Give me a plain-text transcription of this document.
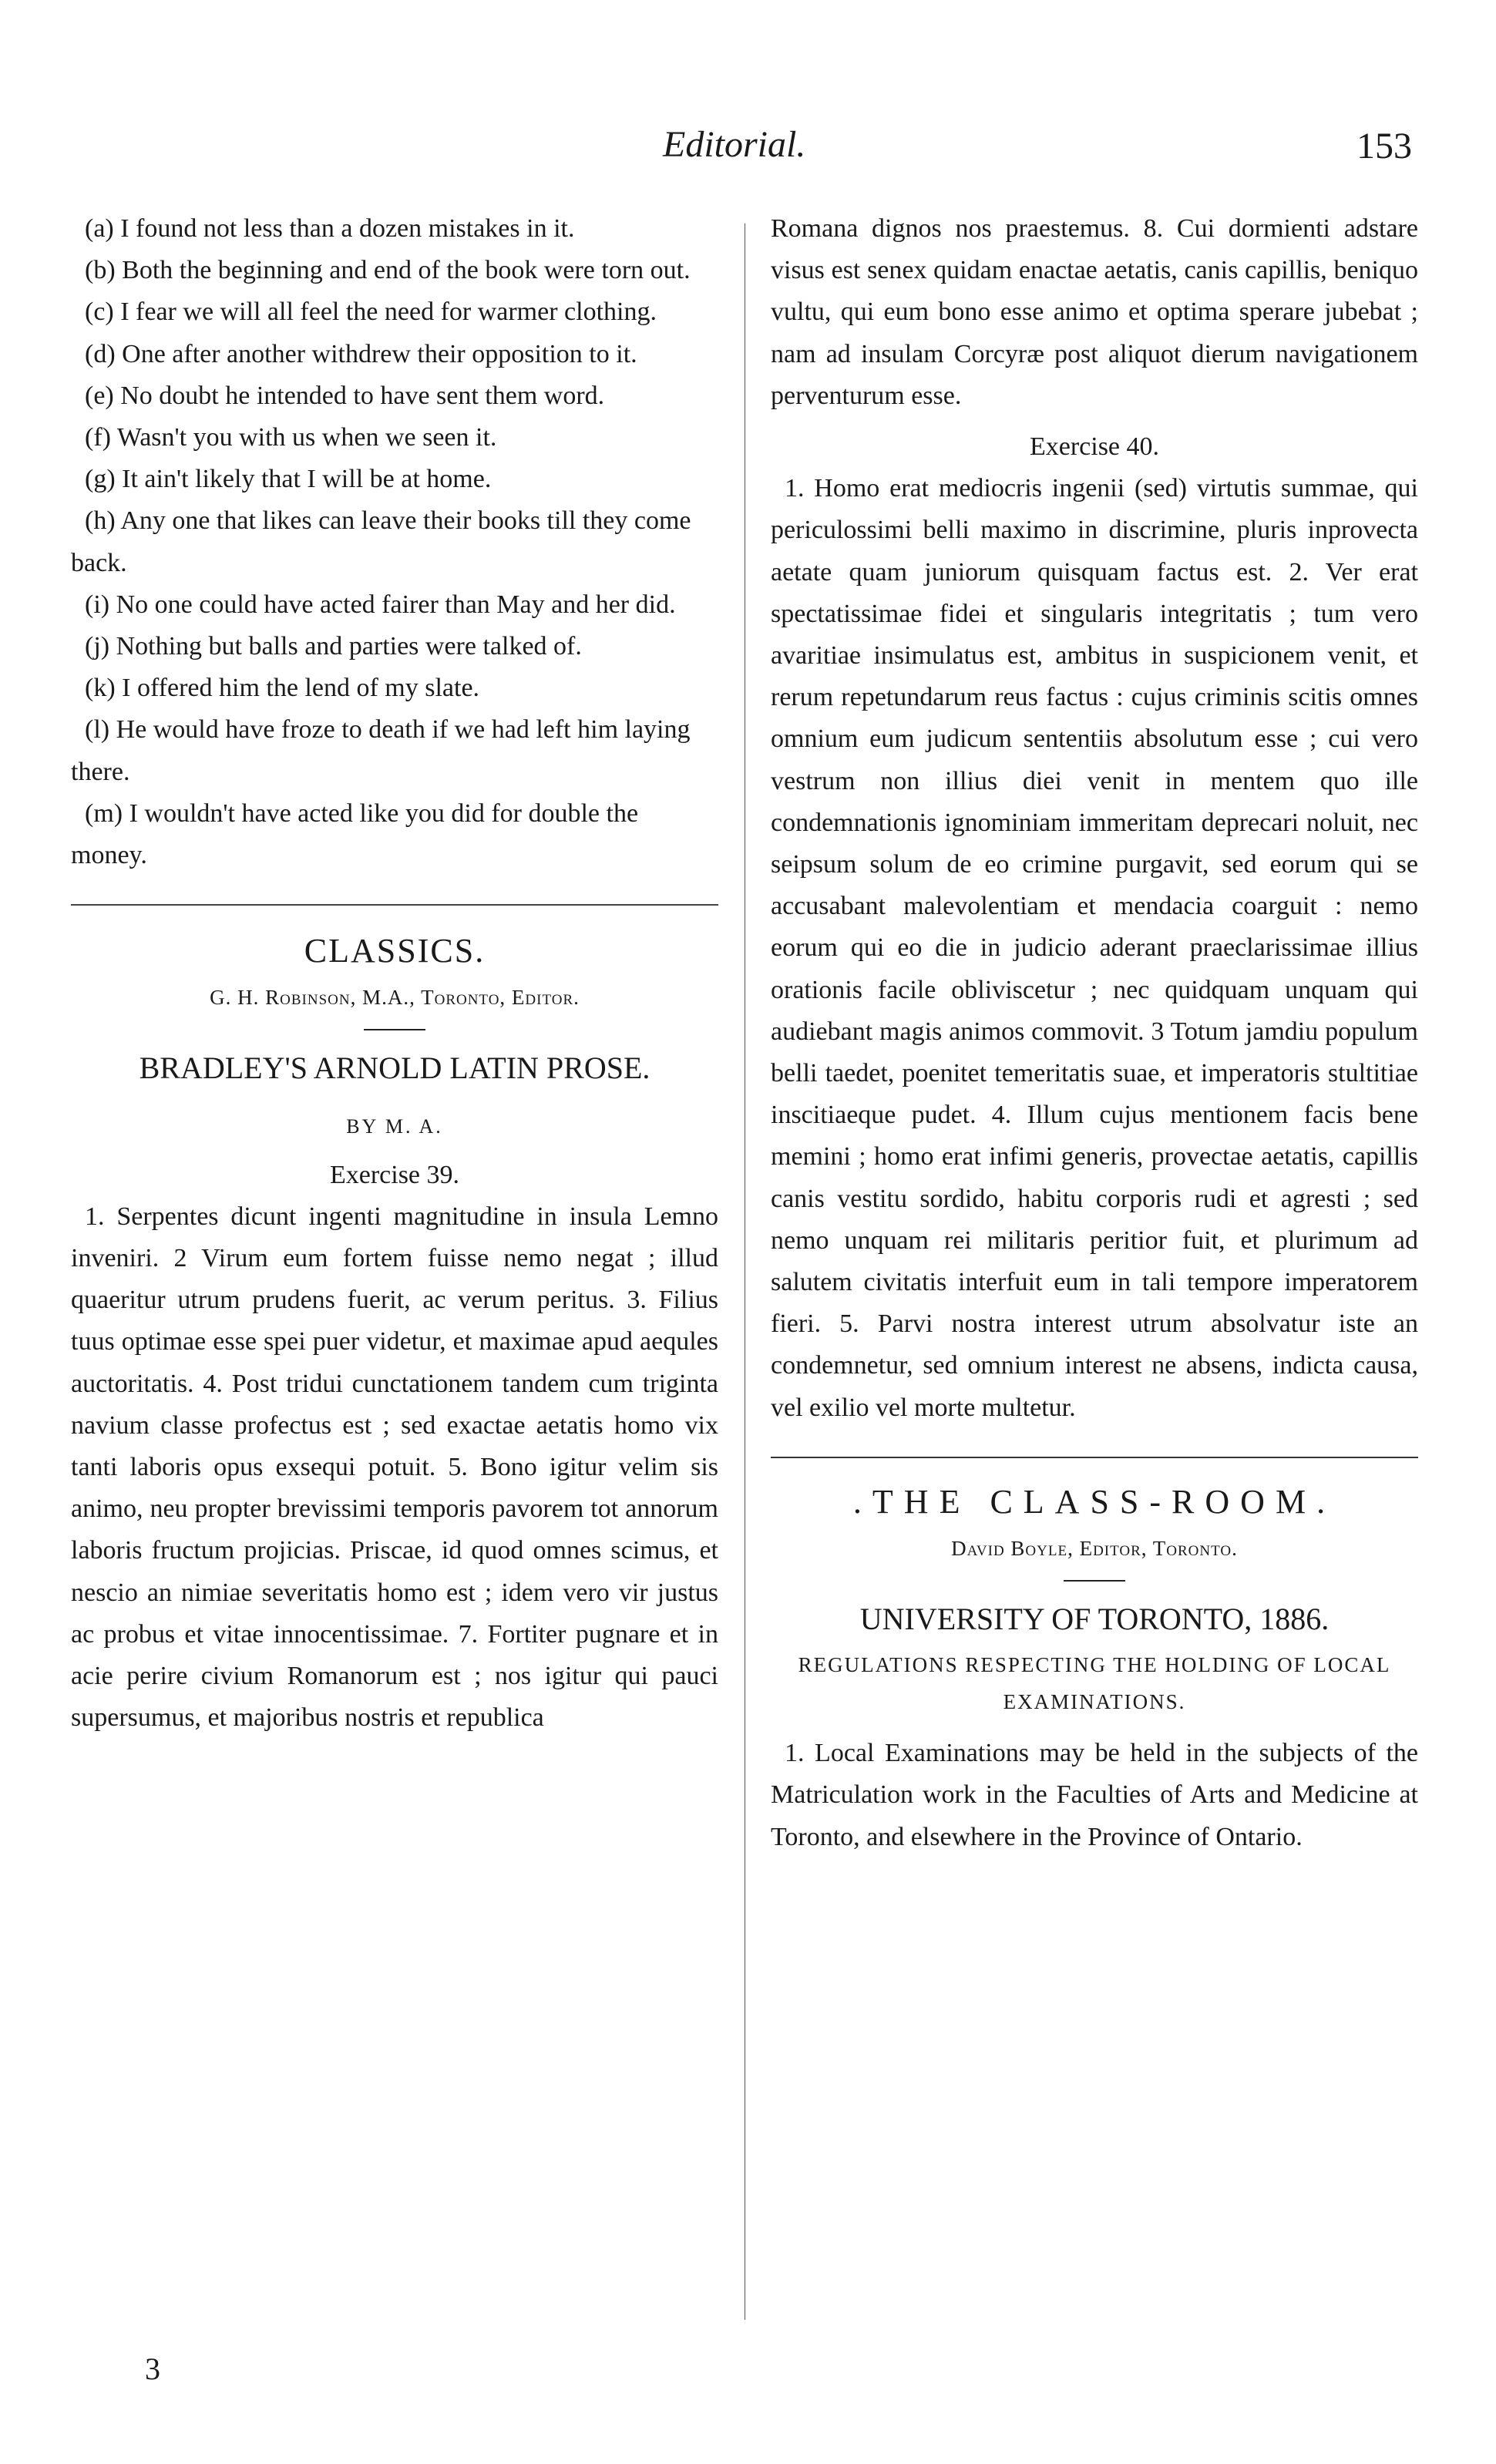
Editorial.	153

(a) I found not less than a dozen mistakes in it.

(b) Both the beginning and end of the book were torn out.

(c) I fear we will all feel the need for warmer clothing.

(d) One after another withdrew their opposition to it.

(e) No doubt he intended to have sent them word.

(f) Wasn't you with us when we seen it.

(g) It ain't likely that I will be at home.

(h) Any one that likes can leave their books till they come back.

(i) No one could have acted fairer than May and her did.

(j) Nothing but balls and parties were talked of.

(k) I offered him the lend of my slate.

(l) He would have froze to death if we had left him laying there.

(m) I wouldn't have acted like you did for double the money.

CLASSICS.
G. H. Robinson, M.A., Toronto, Editor.
BRADLEY'S ARNOLD LATIN PROSE.
BY M. A.
Exercise 39.

1. Serpentes dicunt ingenti magnitudine in insula Lemno inveniri. 2 Virum eum fortem fuisse nemo negat ; illud quaeritur utrum prudens fuerit, ac verum peritus. 3. Filius tuus optimae esse spei puer videtur, et maximae apud aequles auctoritatis. 4. Post tridui cunctationem tandem cum triginta navium classe profectus est ; sed exactae aetatis homo vix tanti laboris opus exsequi potuit. 5. Bono igitur velim sis animo, neu propter brevissimi temporis pavorem tot annorum laboris fructum projicias. Priscae, id quod omnes scimus, et nescio an nimiae severitatis homo est ; idem vero vir justus ac probus et vitae innocentissimae. 7. Fortiter pugnare et in acie perire civium Romanorum est ; nos igitur qui pauci supersumus, et majoribus nostris et republica

Romana dignos nos praestemus. 8. Cui dormienti adstare visus est senex quidam enactae aetatis, canis capillis, beniquo vultu, qui eum bono esse animo et optima sperare jubebat ; nam ad insulam Corcyræ post aliquot dierum navigationem perventurum esse.

Exercise 40.

1. Homo erat mediocris ingenii (sed) virtutis summae, qui periculossimi belli maximo in discrimine, pluris inprovecta aetate quam juniorum quisquam factus est. 2. Ver erat spectatissimae fidei et singularis integritatis ; tum vero avaritiae insimulatus est, ambitus in suspicionem venit, et rerum repetundarum reus factus : cujus criminis scitis omnes omnium eum judicum sententiis absolutum esse ; cui vero vestrum non illius diei venit in mentem quo ille condemnationis ignominiam immeritam deprecari noluit, nec seipsum solum de eo crimine purgavit, sed eorum qui se accusabant malevolentiam et mendacia coarguit : nemo eorum qui eo die in judicio aderant praeclarissimae illius orationis facile obliviscetur ; nec quidquam unquam qui audiebant magis animos commovit. 3 Totum jamdiu populum belli taedet, poenitet temeritatis suae, et imperatoris stultitiae inscitiaeque pudet. 4. Illum cujus mentionem facis bene memini ; homo erat infimi generis, provectae aetatis, capillis canis vestitu sordido, habitu corporis rudi et agresti ; sed nemo unquam rei militaris peritior fuit, et plurimum ad salutem civitatis interfuit eum in tali tempore imperatorem fieri. 5. Parvi nostra interest utrum absolvatur iste an condemnetur, sed omnium interest ne absens, indicta causa, vel exilio vel morte multetur.

.THE CLASS-ROOM.
David Boyle, Editor, Toronto.
UNIVERSITY OF TORONTO, 1886.
REGULATIONS RESPECTING THE HOLDING OF LOCAL EXAMINATIONS.

1. Local Examinations may be held in the subjects of the Matriculation work in the Faculties of Arts and Medicine at Toronto, and elsewhere in the Province of Ontario.

3
